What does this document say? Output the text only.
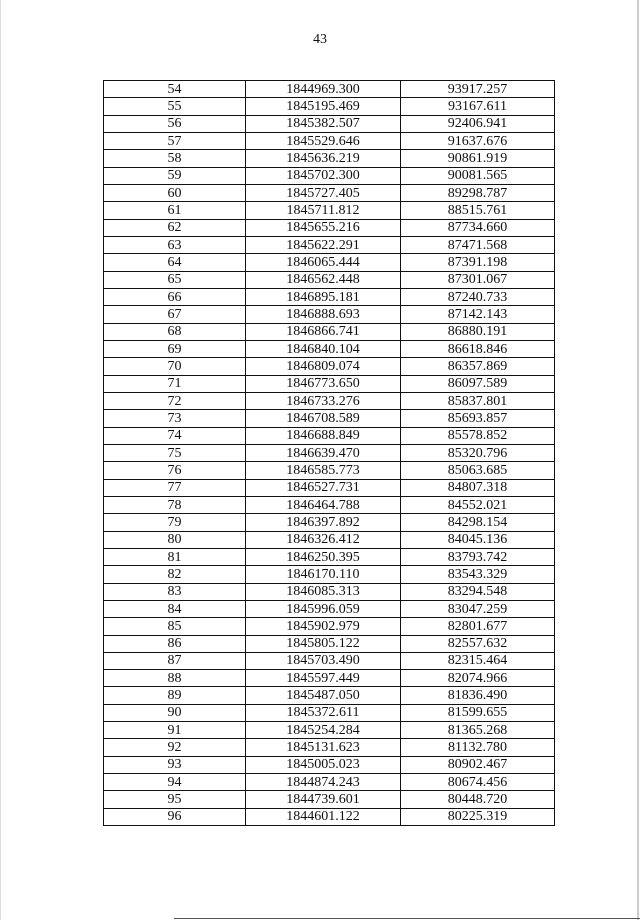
43
54	1844969.300	93917.257
55	1845195.469	93167.611
56	1845382.507	92406.941
57	1845529.646	91637.676
58	1845636.219	90861.919
59	1845702.300	90081.565
60	1845727.405	89298.787
61	1845711.812	88515.761
62	1845655.216	87734.660
63	1845622.291	87471.568
64	1846065.444	87391.198
65	1846562.448	87301.067
66	1846895.181	87240.733
67	1846888.693	87142.143
68	1846866.741	86880.191
69	1846840.104	86618.846
70	1846809.074	86357.869
71	1846773.650	86097.589
72	1846733.276	85837.801
73	1846708.589	85693.857
74	1846688.849	85578.852
75	1846639.470	85320.796
76	1846585.773	85063.685
77	1846527.731	84807.318
78	1846464.788	84552.021
79	1846397.892	84298.154
80	1846326.412	84045.136
81	1846250.395	83793.742
82	1846170.110	83543.329
83	1846085.313	83294.548
84	1845996.059	83047.259
85	1845902.979	82801.677
86	1845805.122	82557.632
87	1845703.490	82315.464
88	1845597.449	82074.966
89	1845487.050	81836.490
90	1845372.611	81599.655
91	1845254.284	81365.268
92	1845131.623	81132.780
93	1845005.023	80902.467
94	1844874.243	80674.456
95	1844739.601	80448.720
96	1844601.122	80225.319
